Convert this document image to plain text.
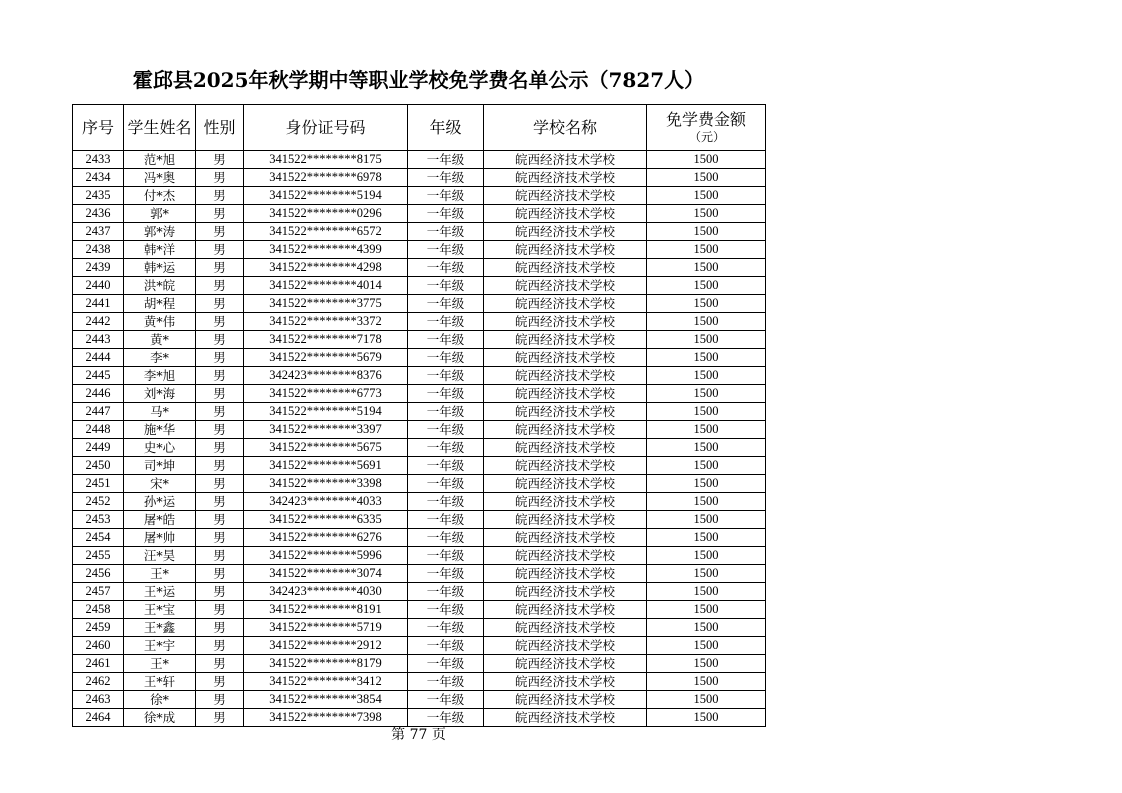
霍邱县2025年秋学期中等职业学校免学费名单公示（7827人）
序号	学生姓名	性别	身份证号码	年级	学校名称	免学费金额
（元）

2433	范*旭	男	341522********8175	一年级	皖西经济技术学校	1500
2434	冯*奥	男	341522********6978	一年级	皖西经济技术学校	1500
2435	付*杰	男	341522********5194	一年级	皖西经济技术学校	1500
2436	郭*	男	341522********0296	一年级	皖西经济技术学校	1500
2437	郭*涛	男	341522********6572	一年级	皖西经济技术学校	1500
2438	韩*洋	男	341522********4399	一年级	皖西经济技术学校	1500
2439	韩*运	男	341522********4298	一年级	皖西经济技术学校	1500
2440	洪*皖	男	341522********4014	一年级	皖西经济技术学校	1500
2441	胡*程	男	341522********3775	一年级	皖西经济技术学校	1500
2442	黄*伟	男	341522********3372	一年级	皖西经济技术学校	1500
2443	黄*	男	341522********7178	一年级	皖西经济技术学校	1500
2444	李*	男	341522********5679	一年级	皖西经济技术学校	1500
2445	李*旭	男	342423********8376	一年级	皖西经济技术学校	1500
2446	刘*海	男	341522********6773	一年级	皖西经济技术学校	1500
2447	马*	男	341522********5194	一年级	皖西经济技术学校	1500
2448	施*华	男	341522********3397	一年级	皖西经济技术学校	1500
2449	史*心	男	341522********5675	一年级	皖西经济技术学校	1500
2450	司*坤	男	341522********5691	一年级	皖西经济技术学校	1500
2451	宋*	男	341522********3398	一年级	皖西经济技术学校	1500
2452	孙*运	男	342423********4033	一年级	皖西经济技术学校	1500
2453	屠*皓	男	341522********6335	一年级	皖西经济技术学校	1500
2454	屠*帅	男	341522********6276	一年级	皖西经济技术学校	1500
2455	汪*昊	男	341522********5996	一年级	皖西经济技术学校	1500
2456	王*	男	341522********3074	一年级	皖西经济技术学校	1500
2457	王*运	男	342423********4030	一年级	皖西经济技术学校	1500
2458	王*宝	男	341522********8191	一年级	皖西经济技术学校	1500
2459	王*鑫	男	341522********5719	一年级	皖西经济技术学校	1500
2460	王*宇	男	341522********2912	一年级	皖西经济技术学校	1500
2461	王*	男	341522********8179	一年级	皖西经济技术学校	1500
2462	王*轩	男	341522********3412	一年级	皖西经济技术学校	1500
2463	徐*	男	341522********3854	一年级	皖西经济技术学校	1500
2464	徐*成	男	341522********7398	一年级	皖西经济技术学校	1500
第 77 页
